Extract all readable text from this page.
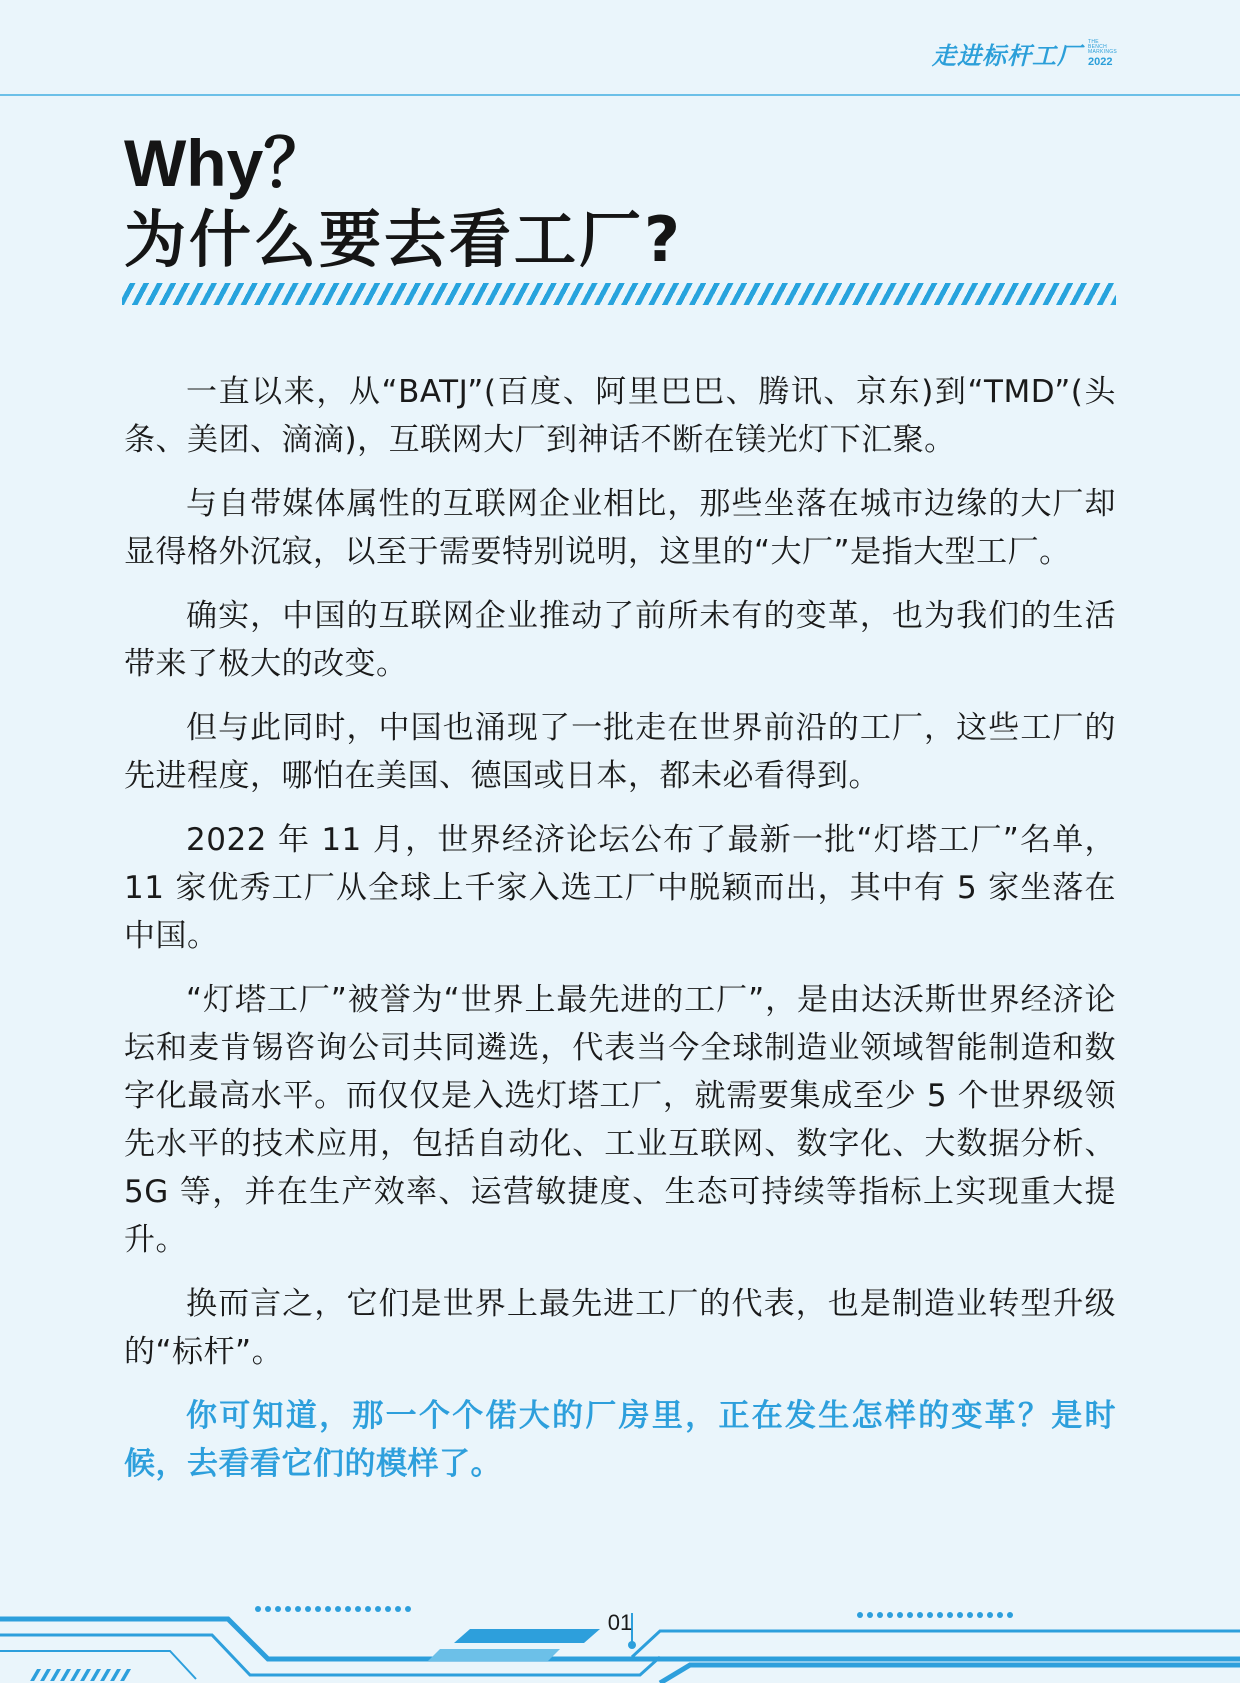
走进标杆工厂
THE BENCH MARKINGS
2022
Why？
为什么要去看工厂?

一直以来，从“BATJ”(百度、阿里巴巴、腾讯、京东)到“TMD”(头条、美团、滴滴)，互联网大厂到神话不断在镁光灯下汇聚。

与自带媒体属性的互联网企业相比，那些坐落在城市边缘的大厂却显得格外沉寂，以至于需要特别说明，这里的“大厂”是指大型工厂。

确实，中国的互联网企业推动了前所未有的变革，也为我们的生活带来了极大的改变。

但与此同时，中国也涌现了一批走在世界前沿的工厂，这些工厂的先进程度，哪怕在美国、德国或日本，都未必看得到。

2022 年 11 月，世界经济论坛公布了最新一批“灯塔工厂”名单，11 家优秀工厂从全球上千家入选工厂中脱颖而出，其中有 5 家坐落在中国。

“灯塔工厂”被誉为“世界上最先进的工厂”，是由达沃斯世界经济论坛和麦肯锡咨询公司共同遴选，代表当今全球制造业领域智能制造和数字化最高水平。而仅仅是入选灯塔工厂，就需要集成至少 5 个世界级领先水平的技术应用，包括自动化、工业互联网、数字化、大数据分析、5G 等，并在生产效率、运营敏捷度、生态可持续等指标上实现重大提升。

换而言之，它们是世界上最先进工厂的代表，也是制造业转型升级的“标杆”。

你可知道，那一个个偌大的厂房里，正在发生怎样的变革？是时候，去看看它们的模样了。

01
